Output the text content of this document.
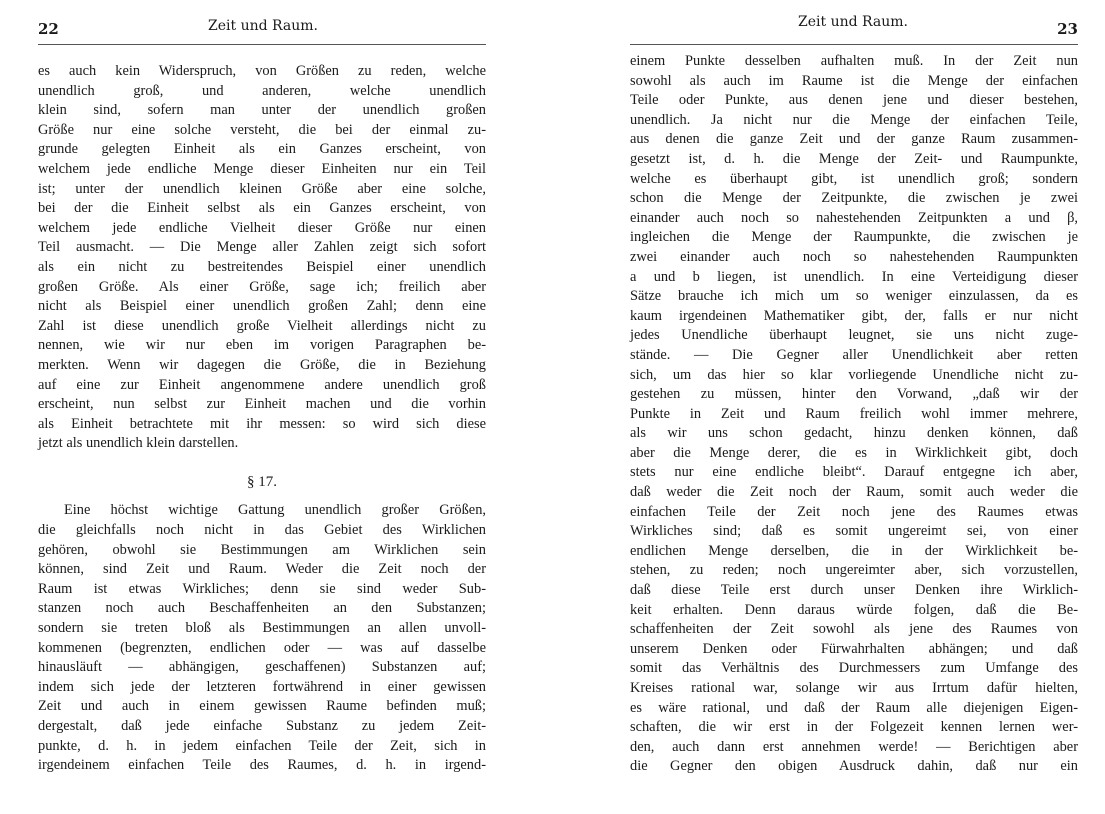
22	Zeit und Raum.
es auch kein Widerspruch, von Größen zu reden, welche
unendlich groß, und anderen, welche unendlich
klein sind, sofern man unter der unendlich großen
Größe nur eine solche versteht, die bei der einmal zu-
grunde gelegten Einheit als ein Ganzes erscheint, von
welchem jede endliche Menge dieser Einheiten nur ein Teil
ist; unter der unendlich kleinen Größe aber eine solche,
bei der die Einheit selbst als ein Ganzes erscheint, von
welchem jede endliche Vielheit dieser Größe nur einen
Teil ausmacht. — Die Menge aller Zahlen zeigt sich sofort
als ein nicht zu bestreitendes Beispiel einer unendlich
großen Größe. Als einer Größe, sage ich; freilich aber
nicht als Beispiel einer unendlich großen Zahl; denn eine
Zahl ist diese unendlich große Vielheit allerdings nicht zu
nennen, wie wir nur eben im vorigen Paragraphen be-
merkten. Wenn wir dagegen die Größe, die in Beziehung
auf eine zur Einheit angenommene andere unendlich groß
erscheint, nun selbst zur Einheit machen und die vorhin
als Einheit betrachtete mit ihr messen: so wird sich diese
jetzt als unendlich klein darstellen.
§ 17.
Eine höchst wichtige Gattung unendlich großer Größen,
die gleichfalls noch nicht in das Gebiet des Wirklichen
gehören, obwohl sie Bestimmungen am Wirklichen sein
können, sind Zeit und Raum. Weder die Zeit noch der
Raum ist etwas Wirkliches; denn sie sind weder Sub-
stanzen noch auch Beschaffenheiten an den Substanzen;
sondern sie treten bloß als Bestimmungen an allen unvoll-
kommenen (begrenzten, endlichen oder — was auf dasselbe
hinausläuft — abhängigen, geschaffenen) Substanzen auf;
indem sich jede der letzteren fortwährend in einer gewissen
Zeit und auch in einem gewissen Raume befinden muß;
dergestalt, daß jede einfache Substanz zu jedem Zeit-
punkte, d. h. in jedem einfachen Teile der Zeit, sich in
irgendeinem einfachen Teile des Raumes, d. h. in irgend-
Zeit und Raum.	23
einem Punkte desselben aufhalten muß. In der Zeit nun
sowohl als auch im Raume ist die Menge der einfachen
Teile oder Punkte, aus denen jene und dieser bestehen,
unendlich. Ja nicht nur die Menge der einfachen Teile,
aus denen die ganze Zeit und der ganze Raum zusammen-
gesetzt ist, d. h. die Menge der Zeit- und Raumpunkte,
welche es überhaupt gibt, ist unendlich groß; sondern
schon die Menge der Zeitpunkte, die zwischen je zwei
einander auch noch so nahestehenden Zeitpunkten a und β,
ingleichen die Menge der Raumpunkte, die zwischen je
zwei einander auch noch so nahestehenden Raumpunkten
a und b liegen, ist unendlich. In eine Verteidigung dieser
Sätze brauche ich mich um so weniger einzulassen, da es
kaum irgendeinen Mathematiker gibt, der, falls er nur nicht
jedes Unendliche überhaupt leugnet, sie uns nicht zuge-
stände. — Die Gegner aller Unendlichkeit aber retten
sich, um das hier so klar vorliegende Unendliche nicht zu-
gestehen zu müssen, hinter den Vorwand, „daß wir der
Punkte in Zeit und Raum freilich wohl immer mehrere,
als wir uns schon gedacht, hinzu denken können, daß
aber die Menge derer, die es in Wirklichkeit gibt, doch
stets nur eine endliche bleibt“. Darauf entgegne ich aber,
daß weder die Zeit noch der Raum, somit auch weder die
einfachen Teile der Zeit noch jene des Raumes etwas
Wirkliches sind; daß es somit ungereimt sei, von einer
endlichen Menge derselben, die in der Wirklichkeit be-
stehen, zu reden; noch ungereimter aber, sich vorzustellen,
daß diese Teile erst durch unser Denken ihre Wirklich-
keit erhalten. Denn daraus würde folgen, daß die Be-
schaffenheiten der Zeit sowohl als jene des Raumes von
unserem Denken oder Fürwahrhalten abhängen; und daß
somit das Verhältnis des Durchmessers zum Umfange des
Kreises rational war, solange wir aus Irrtum dafür hielten,
es wäre rational, und daß der Raum alle diejenigen Eigen-
schaften, die wir erst in der Folgezeit kennen lernen wer-
den, auch dann erst annehmen werde! — Berichtigen aber
die Gegner den obigen Ausdruck dahin, daß nur ein
